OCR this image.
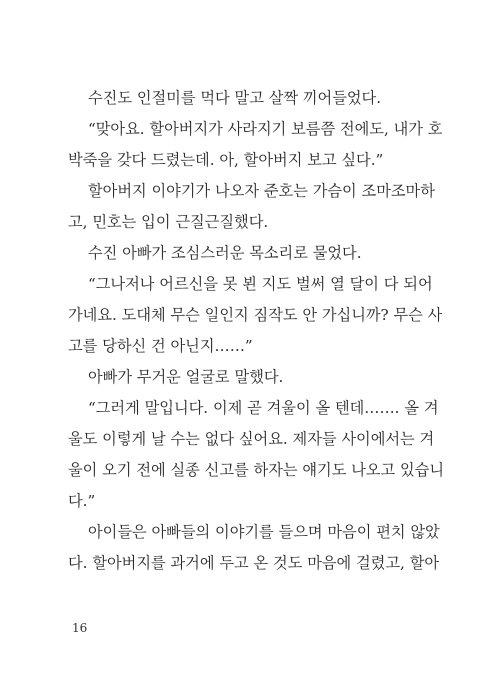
수진도 인절미를 먹다 말고 살짝 끼어들었다.
“맞아요. 할아버지가 사라지기 보름쯤 전에도, 내가 호
박죽을 갖다 드렸는데. 아, 할아버지 보고 싶다.”
할아버지 이야기가 나오자 준호는 가슴이 조마조마하
고, 민호는 입이 근질근질했다.
수진 아빠가 조심스러운 목소리로 물었다.
“그나저나 어르신을 못 뵌 지도 벌써 열 달이 다 되어
가네요. 도대체 무슨 일인지 짐작도 안 가십니까? 무슨 사
고를 당하신 건 아닌지……”
아빠가 무거운 얼굴로 말했다.
“그러게 말입니다. 이제 곧 겨울이 올 텐데……. 올 겨
울도 이렇게 날 수는 없다 싶어요. 제자들 사이에서는 겨
울이 오기 전에 실종 신고를 하자는 얘기도 나오고 있습니
다.”
아이들은 아빠들의 이야기를 들으며 마음이 편치 않았
다. 할아버지를 과거에 두고 온 것도 마음에 걸렸고, 할아
16
